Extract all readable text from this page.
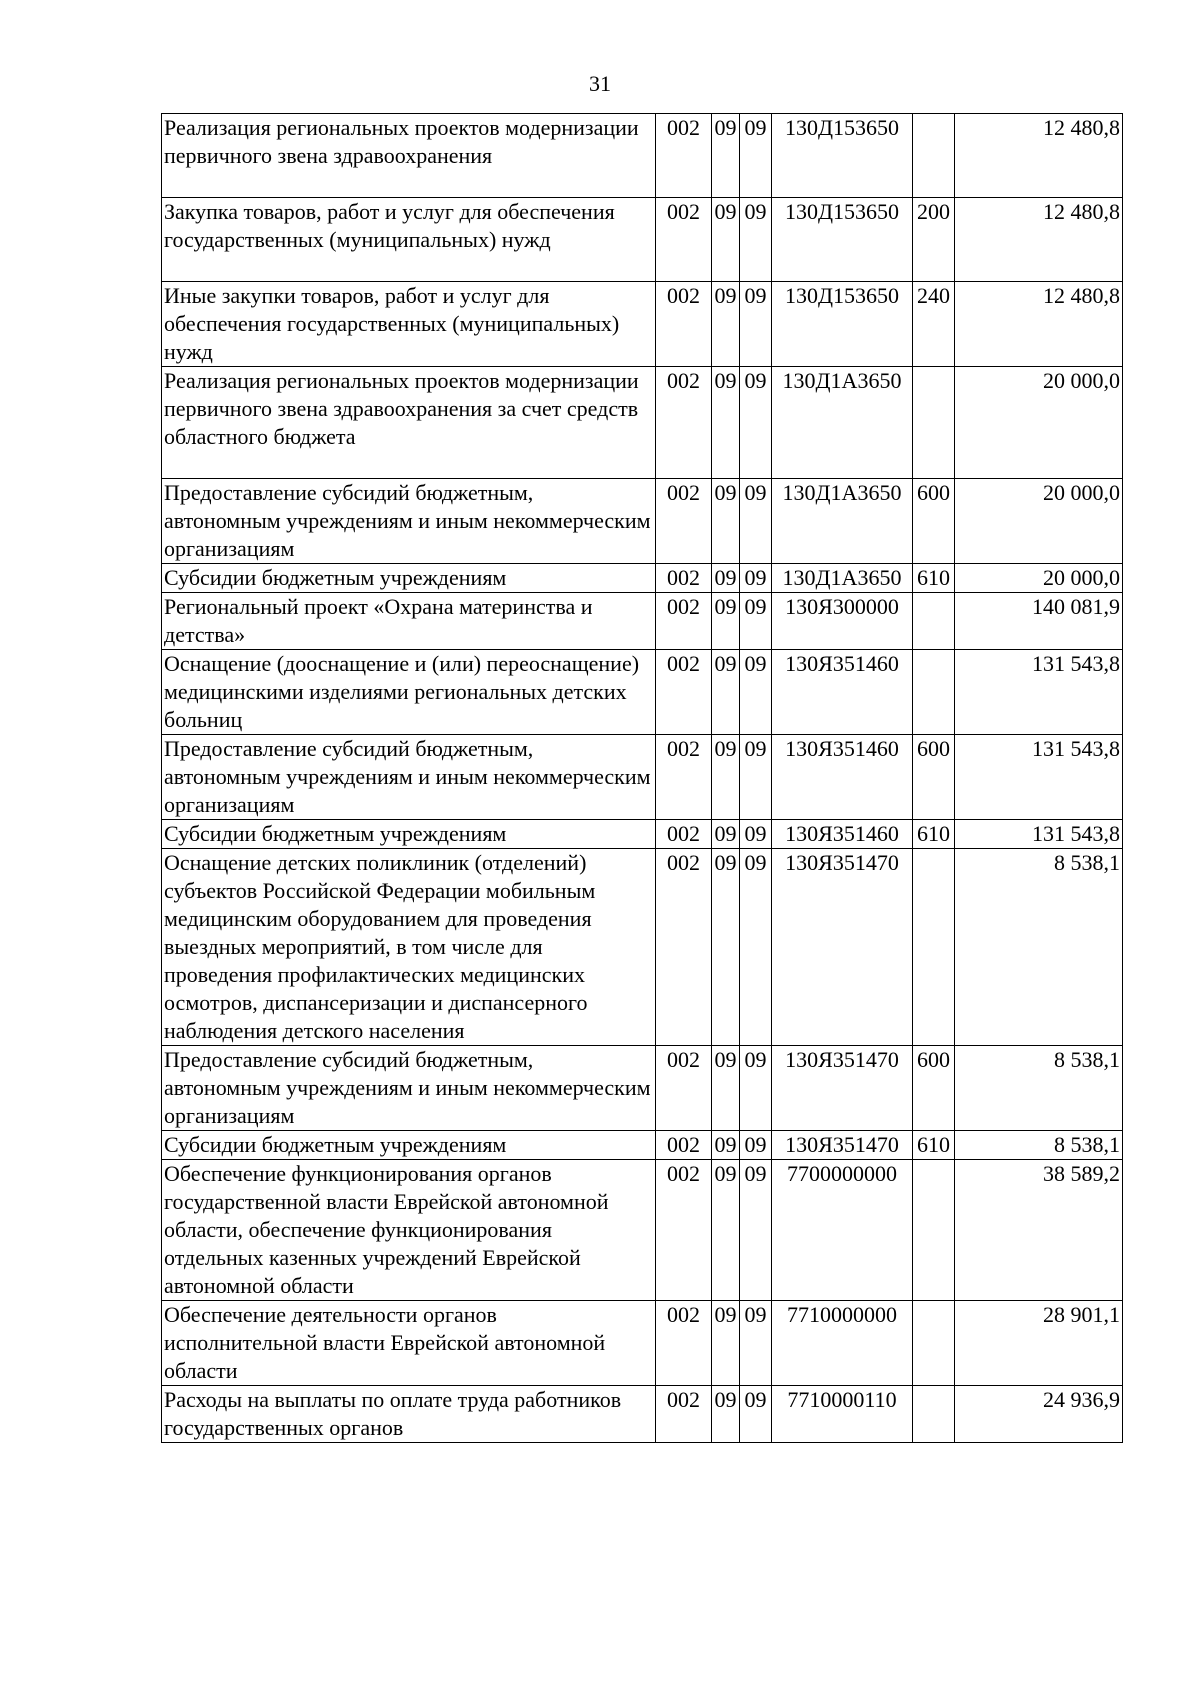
31
Реализация региональных проектов модернизации первичного звена здравоохранения	002	09	09	130Д153650		12 480,8
Закупка товаров, работ и услуг для обеспечения государственных (муниципальных) нужд	002	09	09	130Д153650	200	12 480,8
Иные закупки товаров, работ и услуг для обеспечения государственных (муниципальных) нужд	002	09	09	130Д153650	240	12 480,8
Реализация региональных проектов модернизации первичного звена здравоохранения за счет средств областного бюджета	002	09	09	130Д1А3650		20 000,0
Предоставление субсидий бюджетным, автономным учреждениям и иным некоммерческим организациям	002	09	09	130Д1А3650	600	20 000,0
Субсидии бюджетным учреждениям	002	09	09	130Д1А3650	610	20 000,0
Региональный проект «Охрана материнства и детства»	002	09	09	130Я300000		140 081,9
Оснащение (дооснащение и (или) переоснащение) медицинскими изделиями региональных детских больниц	002	09	09	130Я351460		131 543,8
Предоставление субсидий бюджетным, автономным учреждениям и иным некоммерческим организациям	002	09	09	130Я351460	600	131 543,8
Субсидии бюджетным учреждениям	002	09	09	130Я351460	610	131 543,8
Оснащение детских поликлиник (отделений) субъектов Российской Федерации мобильным медицинским оборудованием для проведения выездных мероприятий, в том числе для проведения профилактических медицинских осмотров, диспансеризации и диспансерного наблюдения детского населения	002	09	09	130Я351470		8 538,1
Предоставление субсидий бюджетным, автономным учреждениям и иным некоммерческим организациям	002	09	09	130Я351470	600	8 538,1
Субсидии бюджетным учреждениям	002	09	09	130Я351470	610	8 538,1
Обеспечение функционирования органов государственной власти Еврейской автономной области, обеспечение функционирования отдельных казенных учреждений Еврейской автономной области	002	09	09	7700000000		38 589,2
Обеспечение деятельности органов исполнительной власти Еврейской автономной области	002	09	09	7710000000		28 901,1
Расходы на выплаты по оплате труда работников государственных органов	002	09	09	7710000110		24 936,9
